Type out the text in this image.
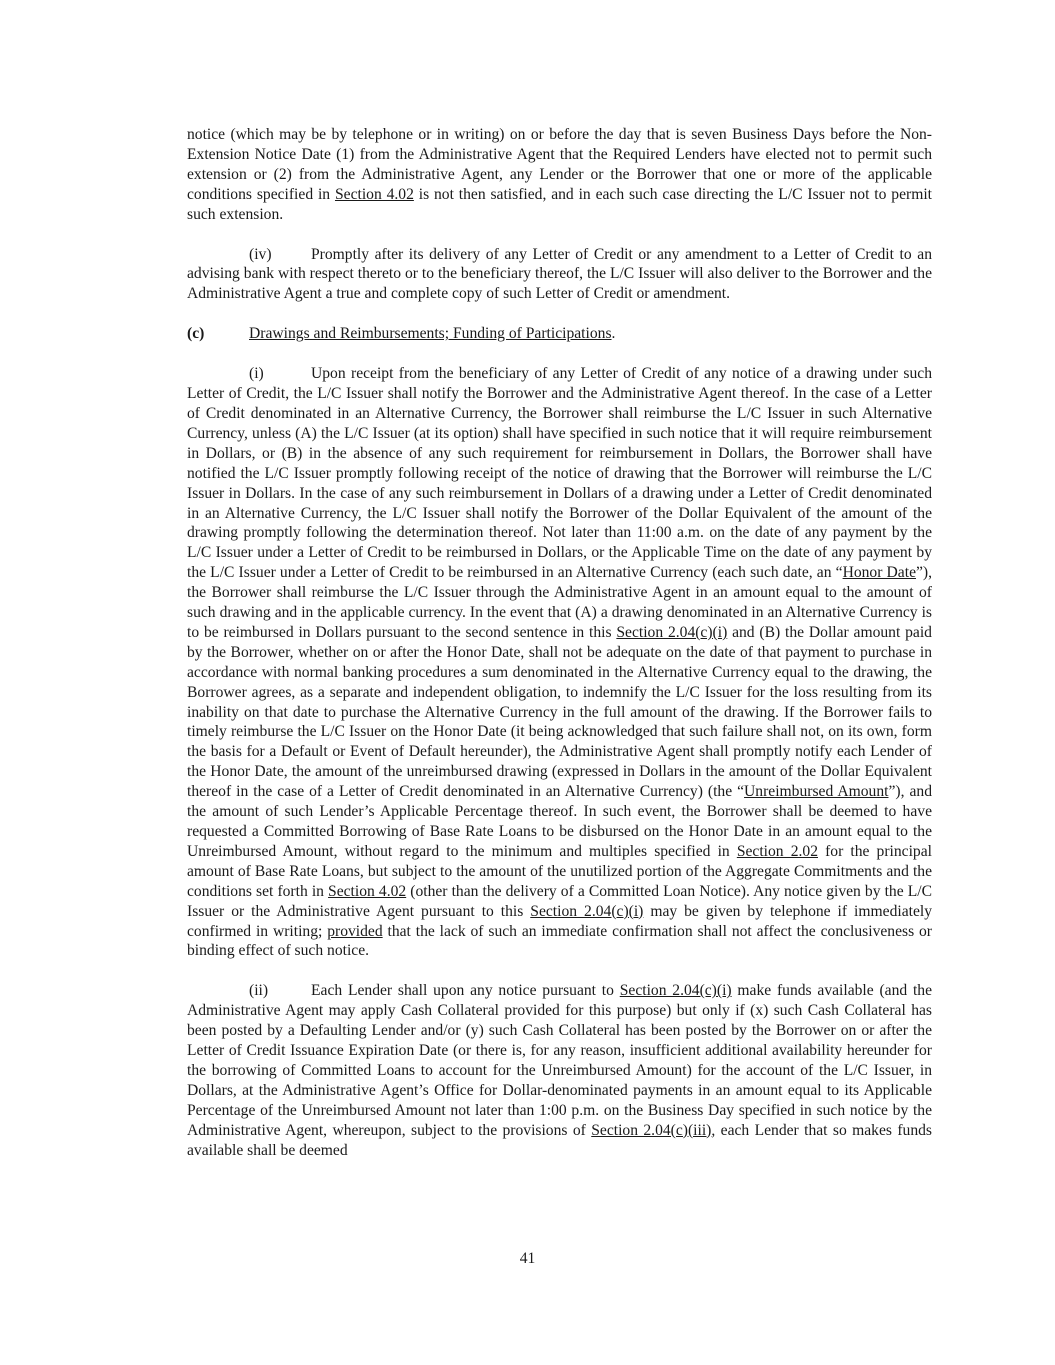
notice (which may be by telephone or in writing) on or before the day that is seven Business Days before the Non-Extension Notice Date (1) from the Administrative Agent that the Required Lenders have elected not to permit such extension or (2) from the Administrative Agent, any Lender or the Borrower that one or more of the applicable conditions specified in Section 4.02 is not then satisfied, and in each such case directing the L/C Issuer not to permit such extension.

(iv)	Promptly after its delivery of any Letter of Credit or any amendment to a Letter of Credit to an advising bank with respect thereto or to the beneficiary thereof, the L/C Issuer will also deliver to the Borrower and the Administrative Agent a true and complete copy of such Letter of Credit or amendment.

(c)	Drawings and Reimbursements; Funding of Participations.

(i)	Upon receipt from the beneficiary of any Letter of Credit of any notice of a drawing under such Letter of Credit, the L/C Issuer shall notify the Borrower and the Administrative Agent thereof. In the case of a Letter of Credit denominated in an Alternative Currency, the Borrower shall reimburse the L/C Issuer in such Alternative Currency, unless (A) the L/C Issuer (at its option) shall have specified in such notice that it will require reimbursement in Dollars, or (B) in the absence of any such requirement for reimbursement in Dollars, the Borrower shall have notified the L/C Issuer promptly following receipt of the notice of drawing that the Borrower will reimburse the L/C Issuer in Dollars. In the case of any such reimbursement in Dollars of a drawing under a Letter of Credit denominated in an Alternative Currency, the L/C Issuer shall notify the Borrower of the Dollar Equivalent of the amount of the drawing promptly following the determination thereof. Not later than 11:00 a.m. on the date of any payment by the L/C Issuer under a Letter of Credit to be reimbursed in Dollars, or the Applicable Time on the date of any payment by the L/C Issuer under a Letter of Credit to be reimbursed in an Alternative Currency (each such date, an “Honor Date”), the Borrower shall reimburse the L/C Issuer through the Administrative Agent in an amount equal to the amount of such drawing and in the applicable currency. In the event that (A) a drawing denominated in an Alternative Currency is to be reimbursed in Dollars pursuant to the second sentence in this Section 2.04(c)(i) and (B) the Dollar amount paid by the Borrower, whether on or after the Honor Date, shall not be adequate on the date of that payment to purchase in accordance with normal banking procedures a sum denominated in the Alternative Currency equal to the drawing, the Borrower agrees, as a separate and independent obligation, to indemnify the L/C Issuer for the loss resulting from its inability on that date to purchase the Alternative Currency in the full amount of the drawing. If the Borrower fails to timely reimburse the L/C Issuer on the Honor Date (it being acknowledged that such failure shall not, on its own, form the basis for a Default or Event of Default hereunder), the Administrative Agent shall promptly notify each Lender of the Honor Date, the amount of the unreimbursed drawing (expressed in Dollars in the amount of the Dollar Equivalent thereof in the case of a Letter of Credit denominated in an Alternative Currency) (the “Unreimbursed Amount”), and the amount of such Lender’s Applicable Percentage thereof. In such event, the Borrower shall be deemed to have requested a Committed Borrowing of Base Rate Loans to be disbursed on the Honor Date in an amount equal to the Unreimbursed Amount, without regard to the minimum and multiples specified in Section 2.02 for the principal amount of Base Rate Loans, but subject to the amount of the unutilized portion of the Aggregate Commitments and the conditions set forth in Section 4.02 (other than the delivery of a Committed Loan Notice). Any notice given by the L/C Issuer or the Administrative Agent pursuant to this Section 2.04(c)(i) may be given by telephone if immediately confirmed in writing; provided that the lack of such an immediate confirmation shall not affect the conclusiveness or binding effect of such notice.

(ii)	Each Lender shall upon any notice pursuant to Section 2.04(c)(i) make funds available (and the Administrative Agent may apply Cash Collateral provided for this purpose) but only if (x) such Cash Collateral has been posted by a Defaulting Lender and/or (y) such Cash Collateral has been posted by the Borrower on or after the Letter of Credit Issuance Expiration Date (or there is, for any reason, insufficient additional availability hereunder for the borrowing of Committed Loans to account for the Unreimbursed Amount) for the account of the L/C Issuer, in Dollars, at the Administrative Agent’s Office for Dollar-denominated payments in an amount equal to its Applicable Percentage of the Unreimbursed Amount not later than 1:00 p.m. on the Business Day specified in such notice by the Administrative Agent, whereupon, subject to the provisions of Section 2.04(c)(iii), each Lender that so makes funds available shall be deemed

41
